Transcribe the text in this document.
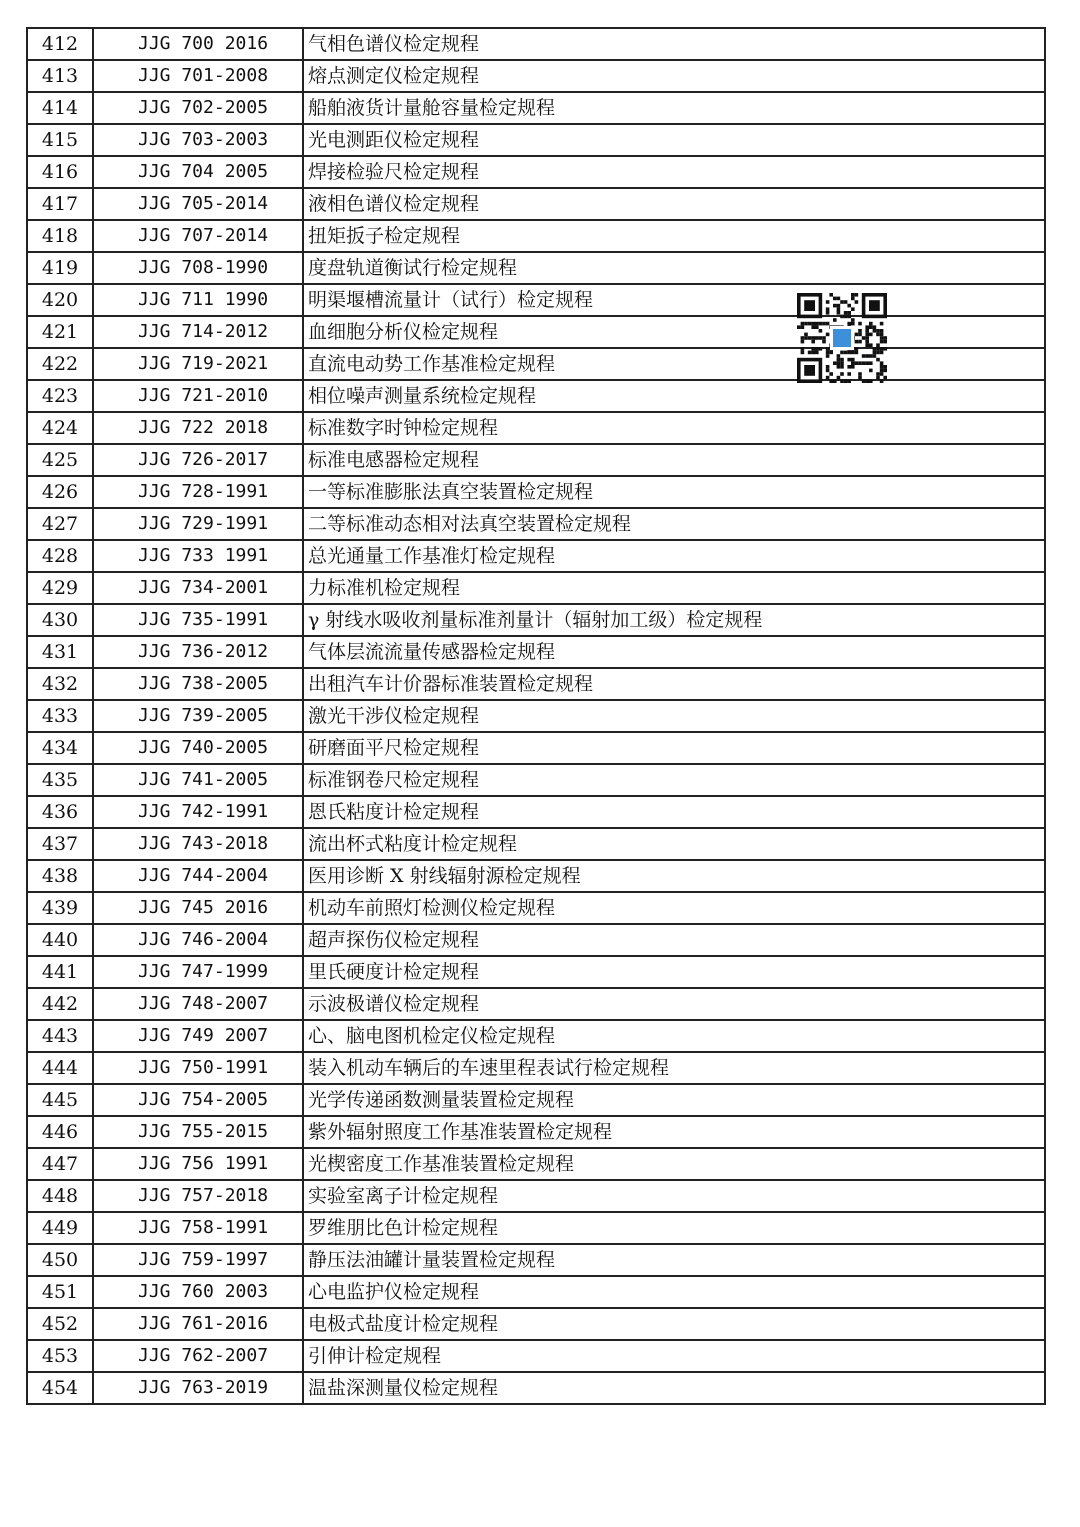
412	JJG 700 2016	气相色谱仪检定规程
413	JJG 701-2008	熔点测定仪检定规程
414	JJG 702-2005	船舶液货计量舱容量检定规程
415	JJG 703-2003	光电测距仪检定规程
416	JJG 704 2005	焊接检验尺检定规程
417	JJG 705-2014	液相色谱仪检定规程
418	JJG 707-2014	扭矩扳子检定规程
419	JJG 708-1990	度盘轨道衡试行检定规程
420	JJG 711 1990	明渠堰槽流量计（试行）检定规程
421	JJG 714-2012	血细胞分析仪检定规程
422	JJG 719-2021	直流电动势工作基准检定规程
423	JJG 721-2010	相位噪声测量系统检定规程
424	JJG 722 2018	标准数字时钟检定规程
425	JJG 726-2017	标准电感器检定规程
426	JJG 728-1991	一等标准膨胀法真空装置检定规程
427	JJG 729-1991	二等标准动态相对法真空装置检定规程
428	JJG 733 1991	总光通量工作基准灯检定规程
429	JJG 734-2001	力标准机检定规程
430	JJG 735-1991	γ 射线水吸收剂量标准剂量计（辐射加工级）检定规程
431	JJG 736-2012	气体层流流量传感器检定规程
432	JJG 738-2005	出租汽车计价器标准装置检定规程
433	JJG 739-2005	激光干涉仪检定规程
434	JJG 740-2005	研磨面平尺检定规程
435	JJG 741-2005	标准钢卷尺检定规程
436	JJG 742-1991	恩氏粘度计检定规程
437	JJG 743-2018	流出杯式粘度计检定规程
438	JJG 744-2004	医用诊断 X 射线辐射源检定规程
439	JJG 745 2016	机动车前照灯检测仪检定规程
440	JJG 746-2004	超声探伤仪检定规程
441	JJG 747-1999	里氏硬度计检定规程
442	JJG 748-2007	示波极谱仪检定规程
443	JJG 749 2007	心、脑电图机检定仪检定规程
444	JJG 750-1991	装入机动车辆后的车速里程表试行检定规程
445	JJG 754-2005	光学传递函数测量装置检定规程
446	JJG 755-2015	紫外辐射照度工作基准装置检定规程
447	JJG 756 1991	光楔密度工作基准装置检定规程
448	JJG 757-2018	实验室离子计检定规程
449	JJG 758-1991	罗维朋比色计检定规程
450	JJG 759-1997	静压法油罐计量装置检定规程
451	JJG 760 2003	心电监护仪检定规程
452	JJG 761-2016	电极式盐度计检定规程
453	JJG 762-2007	引伸计检定规程
454	JJG 763-2019	温盐深测量仪检定规程
